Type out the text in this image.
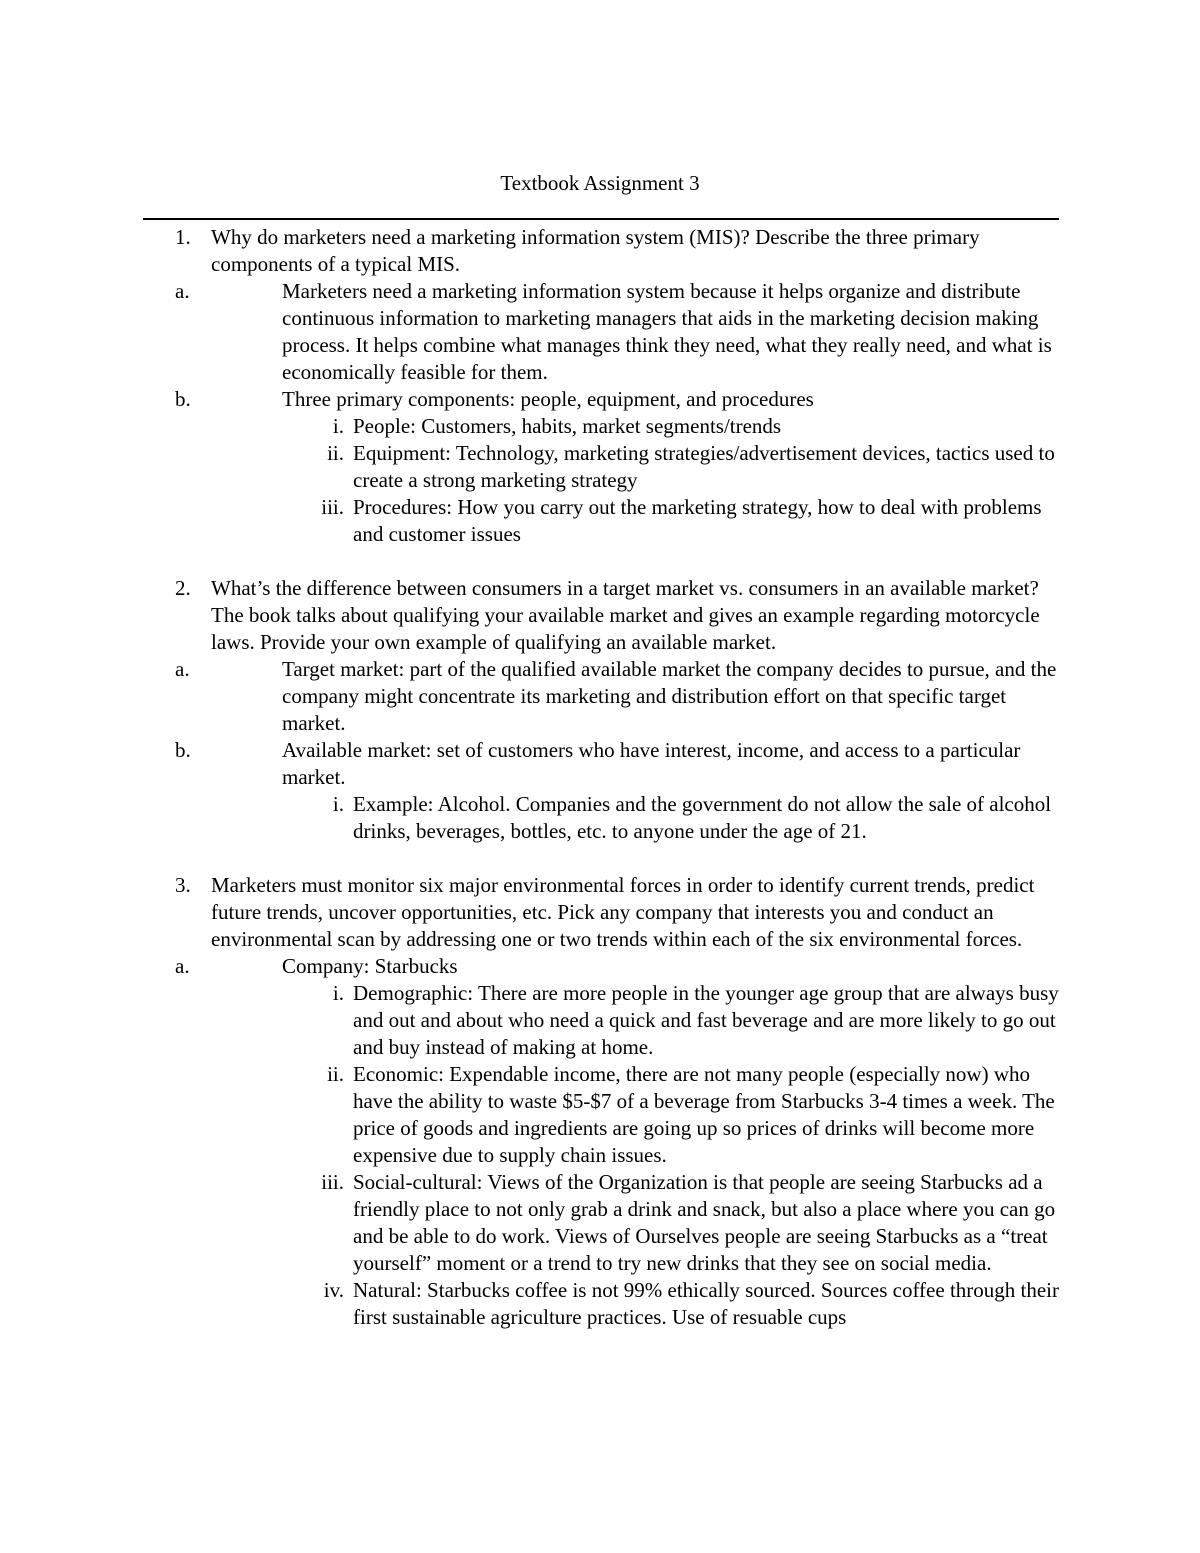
Textbook Assignment 3
1. Why do marketers need a marketing information system (MIS)? Describe the three primary components of a typical MIS.

a.	Marketers need a marketing information system because it helps organize and distribute continuous information to marketing managers that aids in the marketing decision making process. It helps combine what manages think they need, what they really need, and what is economically feasible for them.

b.	Three primary components: people, equipment, and procedures

i. People: Customers, habits, market segments/trends

ii. Equipment: Technology, marketing strategies/advertisement devices, tactics used to create a strong marketing strategy

iii. Procedures: How you carry out the marketing strategy, how to deal with problems and customer issues

2. What’s the difference between consumers in a target market vs. consumers in an available market? The book talks about qualifying your available market and gives an example regarding motorcycle laws. Provide your own example of qualifying an available market.

a.	Target market: part of the qualified available market the company decides to pursue, and the company might concentrate its marketing and distribution effort on that specific target market.

b.	Available market: set of customers who have interest, income, and access to a particular market.

i. Example: Alcohol. Companies and the government do not allow the sale of alcohol drinks, beverages, bottles, etc. to anyone under the age of 21.

3. Marketers must monitor six major environmental forces in order to identify current trends, predict future trends, uncover opportunities, etc. Pick any company that interests you and conduct an environmental scan by addressing one or two trends within each of the six environmental forces.

a.	Company: Starbucks

i. Demographic: There are more people in the younger age group that are always busy and out and about who need a quick and fast beverage and are more likely to go out and buy instead of making at home.

ii. Economic: Expendable income, there are not many people (especially now) who have the ability to waste $5-$7 of a beverage from Starbucks 3-4 times a week. The price of goods and ingredients are going up so prices of drinks will become more expensive due to supply chain issues.

iii. Social-cultural: Views of the Organization is that people are seeing Starbucks ad a friendly place to not only grab a drink and snack, but also a place where you can go and be able to do work. Views of Ourselves people are seeing Starbucks as a “treat yourself” moment or a trend to try new drinks that they see on social media.

iv. Natural: Starbucks coffee is not 99% ethically sourced. Sources coffee through their first sustainable agriculture practices. Use of resuable cups
